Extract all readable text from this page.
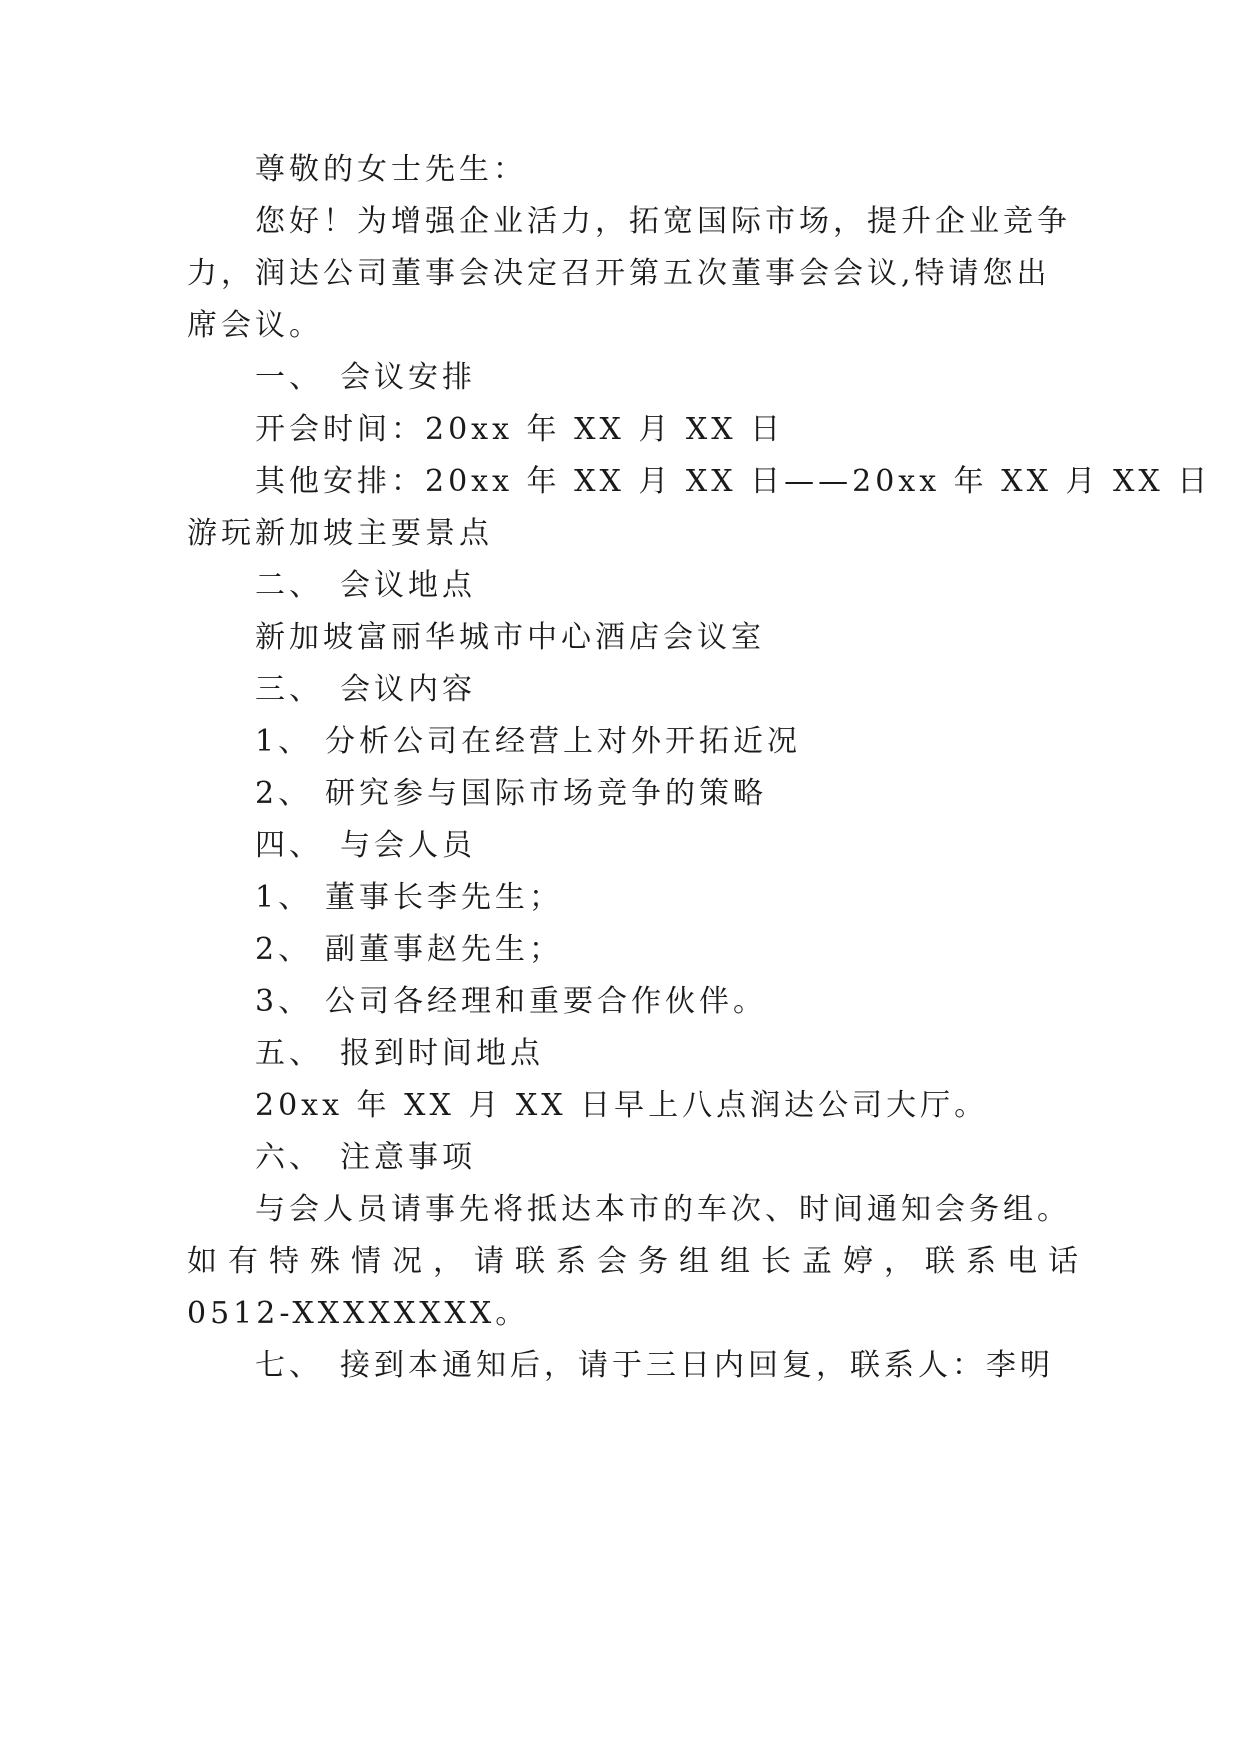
尊敬的女士先生：

您好！为增强企业活力，拓宽国际市场，提升企业竞争

力，润达公司董事会决定召开第五次董事会会议,特请您出

席会议。

一、 会议安排

开会时间：20xx 年 XX 月 XX 日

其他安排：20xx 年 XX 月 XX 日——20xx 年 XX 月 XX 日

游玩新加坡主要景点

二、 会议地点

新加坡富丽华城市中心酒店会议室

三、 会议内容

1、 分析公司在经营上对外开拓近况

2、 研究参与国际市场竞争的策略

四、 与会人员

1、 董事长李先生；

2、 副董事赵先生；

3、 公司各经理和重要合作伙伴。

五、 报到时间地点

20xx 年 XX 月 XX 日早上八点润达公司大厅。

六、 注意事项

与会人员请事先将抵达本市的车次、时间通知会务组。

如有特殊情况，请联系会务组组长孟婷，联系电话

0512-XXXXXXXX。

七、 接到本通知后，请于三日内回复，联系人：李明
